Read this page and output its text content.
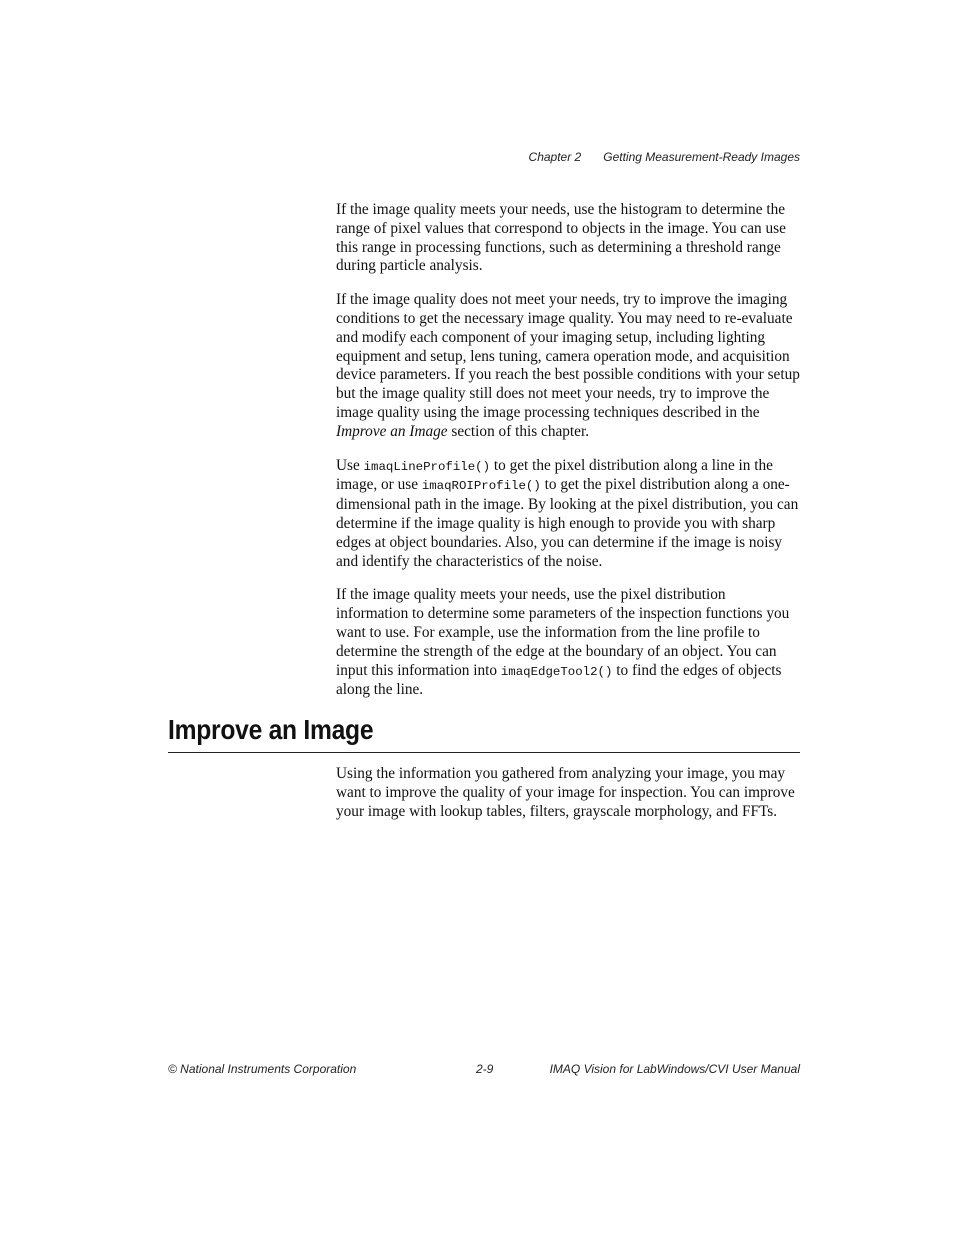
Chapter 2 Getting Measurement-Ready Images

If the image quality meets your needs, use the histogram to determine the range of pixel values that correspond to objects in the image. You can use this range in processing functions, such as determining a threshold range during particle analysis.

If the image quality does not meet your needs, try to improve the imaging conditions to get the necessary image quality. You may need to re-evaluate and modify each component of your imaging setup, including lighting equipment and setup, lens tuning, camera operation mode, and acquisition device parameters. If you reach the best possible conditions with your setup but the image quality still does not meet your needs, try to improve the image quality using the image processing techniques described in the Improve an Image section of this chapter.

Use imaqLineProfile() to get the pixel distribution along a line in the image, or use imaqROIProfile() to get the pixel distribution along a one-dimensional path in the image. By looking at the pixel distribution, you can determine if the image quality is high enough to provide you with sharp edges at object boundaries. Also, you can determine if the image is noisy and identify the characteristics of the noise.

If the image quality meets your needs, use the pixel distribution information to determine some parameters of the inspection functions you want to use. For example, use the information from the line profile to determine the strength of the edge at the boundary of an object. You can input this information into imaqEdgeTool2() to find the edges of objects along the line.

Improve an Image

Using the information you gathered from analyzing your image, you may want to improve the quality of your image for inspection. You can improve your image with lookup tables, filters, grayscale morphology, and FFTs.

© National Instruments Corporation	2-9	IMAQ Vision for LabWindows/CVI User Manual
